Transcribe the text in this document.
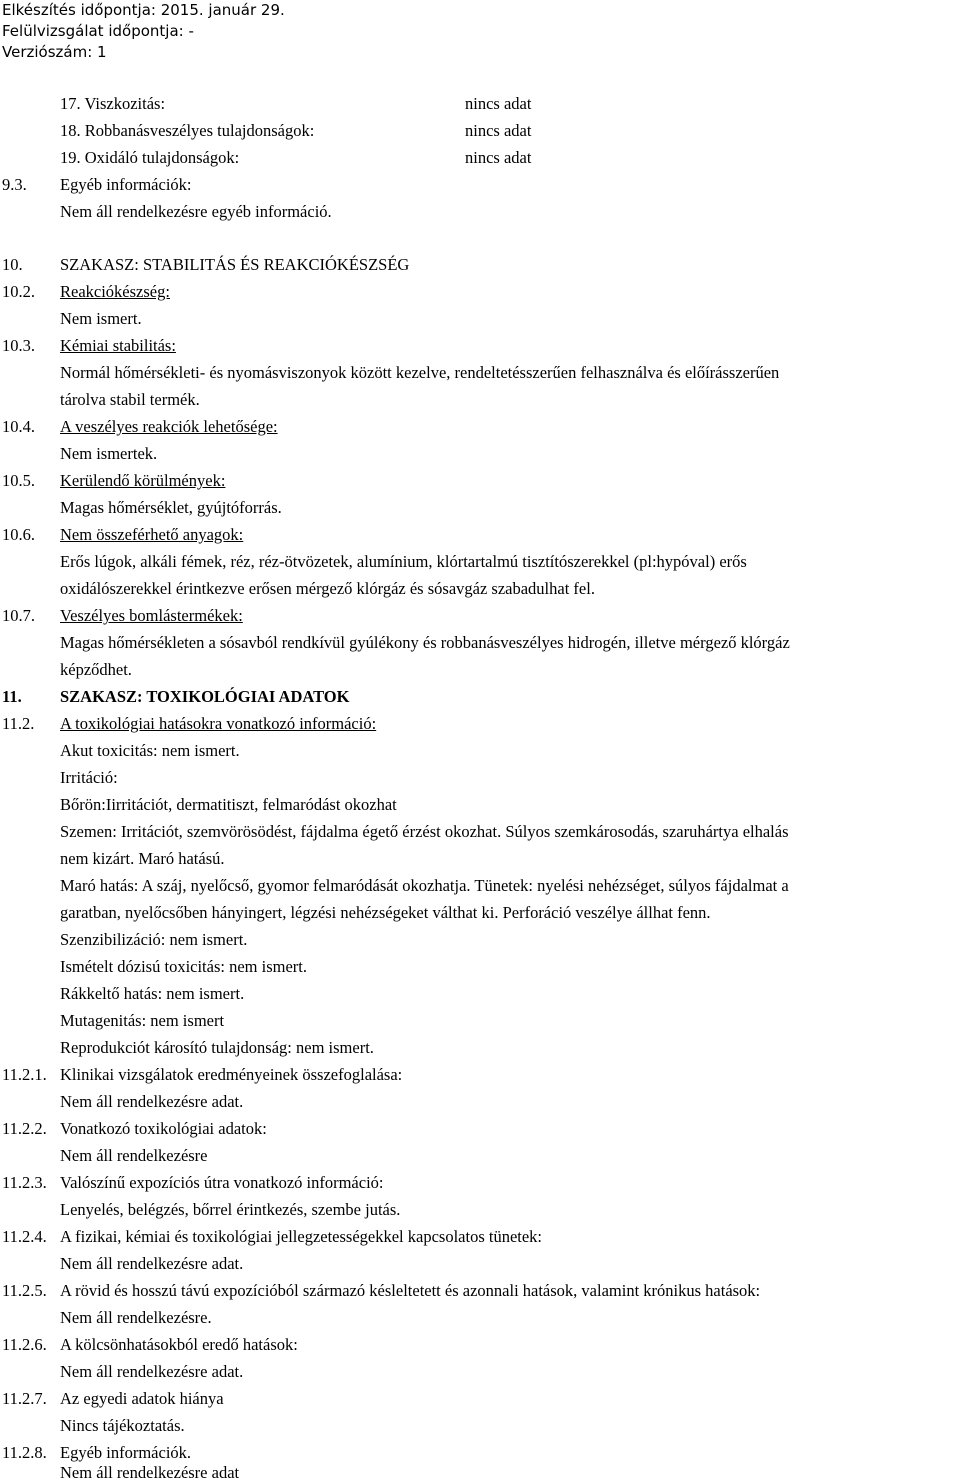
Elkészítés időpontja: 2015. január 29.
Felülvizsgálat időpontja: -
Verziószám: 1
17. Viszkozitás:	nincs adat
18. Robbanásveszélyes tulajdonságok:	nincs adat
19. Oxidáló tulajdonságok:	nincs adat
9.3. Egyéb információk:
Nem áll rendelkezésre egyéb információ.
10. SZAKASZ: STABILITÁS ÉS REAKCIÓKÉSZSÉG
10.2. Reakciókészség:
Nem ismert.
10.3. Kémiai stabilitás:
Normál hőmérsékleti- és nyomásviszonyok között kezelve, rendeltetésszerűen felhasználva és előírásszerűen
tárolva stabil termék.
10.4. A veszélyes reakciók lehetősége:
Nem ismertek.
10.5. Kerülendő körülmények:
Magas hőmérséklet, gyújtóforrás.
10.6. Nem összeférhető anyagok:
Erős lúgok, alkáli fémek, réz, réz-ötvözetek, alumínium, klórtartalmú tisztítószerekkel (pl:hypóval) erős
oxidálószerekkel érintkezve erősen mérgező klórgáz és sósavgáz szabadulhat fel.
10.7. Veszélyes bomlástermékek:
Magas hőmérsékleten a sósavból rendkívül gyúlékony és robbanásveszélyes hidrogén, illetve mérgező klórgáz
képződhet.
11. SZAKASZ: TOXIKOLÓGIAI ADATOK
11.2. A toxikológiai hatásokra vonatkozó információ:
Akut toxicitás: nem ismert.
Irritáció:
Bőrön:Iirritációt, dermatitiszt, felmaródást okozhat
Szemen: Irritációt, szemvörösödést, fájdalma égető érzést okozhat. Súlyos szemkárosodás, szaruhártya elhalás
nem kizárt. Maró hatású.
Maró hatás: A száj, nyelőcső, gyomor felmaródását okozhatja. Tünetek: nyelési nehézséget, súlyos fájdalmat a
garatban, nyelőcsőben hányingert, légzési nehézségeket válthat ki. Perforáció veszélye állhat fenn.
Szenzibilizáció: nem ismert.
Ismételt dózisú toxicitás: nem ismert.
Rákkeltő hatás: nem ismert.
Mutagenitás: nem ismert
Reprodukciót károsító tulajdonság: nem ismert.
11.2.1. Klinikai vizsgálatok eredményeinek összefoglalása:
Nem áll rendelkezésre adat.
11.2.2. Vonatkozó toxikológiai adatok:
Nem áll rendelkezésre
11.2.3. Valószínű expozíciós útra vonatkozó információ:
Lenyelés, belégzés, bőrrel érintkezés, szembe jutás.
11.2.4. A fizikai, kémiai és toxikológiai jellegzetességekkel kapcsolatos tünetek:
Nem áll rendelkezésre adat.
11.2.5. A rövid és hosszú távú expozícióból származó késleltetett és azonnali hatások, valamint krónikus hatások:
Nem áll rendelkezésre.
11.2.6. A kölcsönhatásokból eredő hatások:
Nem áll rendelkezésre adat.
11.2.7. Az egyedi adatok hiánya
Nincs tájékoztatás.
11.2.8. Egyéb információk.
Nem áll rendelkezésre adat
